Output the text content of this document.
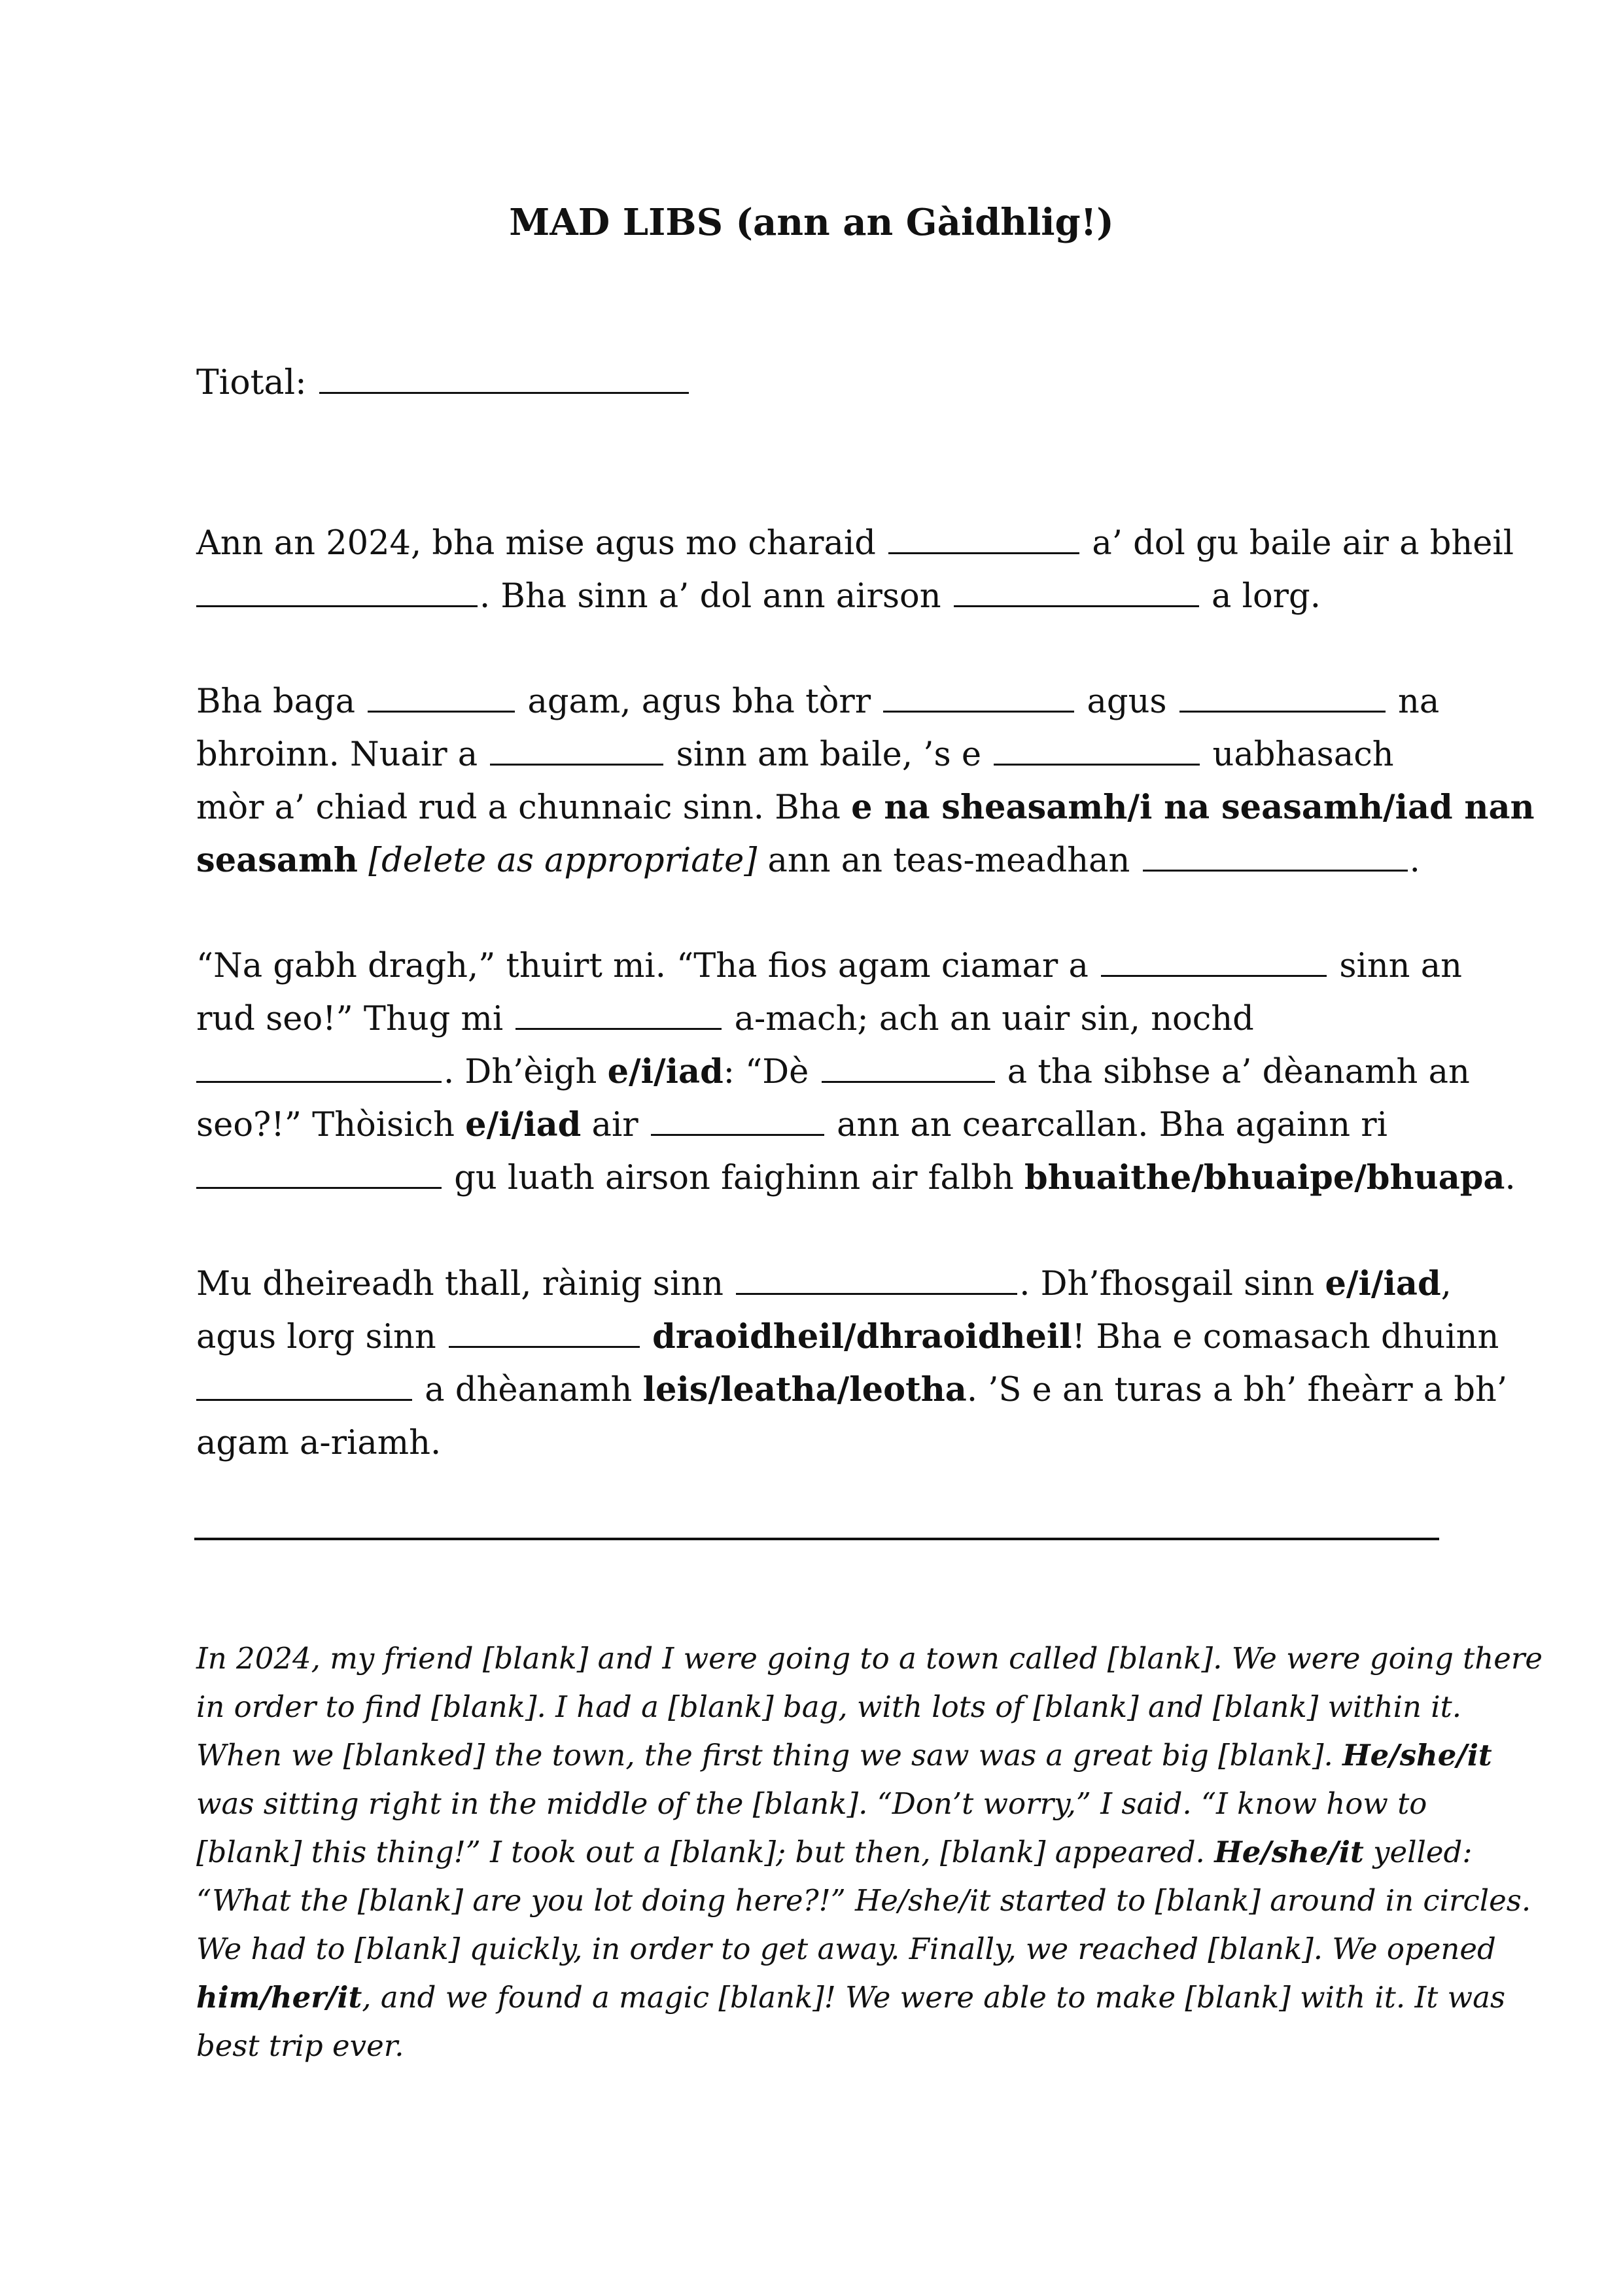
MAD LIBS (ann an Gàidhlig!)
Tiotal:
Ann an 2024, bha mise agus mo charaid	a’ dol gu baile air a bheil
. Bha sinn a’ dol ann airson	a lorg.
Bha baga	agam, agus bha tòrr	agus	na
bhroinn. Nuair a	sinn am baile, ’s e	uabhasach
mòr a’ chiad rud a chunnaic sinn. Bha e na sheasamh/i na seasamh/iad nan
seasamh [delete as appropriate] ann an teas-meadhan	.
“Na gabh dragh,” thuirt mi. “Tha fios agam ciamar a	sinn an
rud seo!” Thug mi	a-mach; ach an uair sin, nochd
. Dh’èigh e/i/iad: “Dè	a tha sibhse a’ dèanamh an
seo?!” Thòisich e/i/iad air	ann an cearcallan. Bha againn ri
gu luath airson faighinn air falbh bhuaithe/bhuaipe/bhuapa.
Mu dheireadh thall, ràinig sinn	. Dh’fhosgail sinn e/i/iad,
agus lorg sinn	draoidheil/dhraoidheil! Bha e comasach dhuinn
a dhèanamh leis/leatha/leotha. ’S e an turas a bh’ fheàrr a bh’
agam a-riamh.
In 2024, my friend [blank] and I were going to a town called [blank]. We were going there
in order to find [blank]. I had a [blank] bag, with lots of [blank] and [blank] within it.
When we [blanked] the town, the first thing we saw was a great big [blank]. He/she/it
was sitting right in the middle of the [blank]. “Don’t worry,” I said. “I know how to
[blank] this thing!” I took out a [blank]; but then, [blank] appeared. He/she/it yelled:
“What the [blank] are you lot doing here?!” He/she/it started to [blank] around in circles.
We had to [blank] quickly, in order to get away. Finally, we reached [blank]. We opened
him/her/it, and we found a magic [blank]! We were able to make [blank] with it. It was
best trip ever.
